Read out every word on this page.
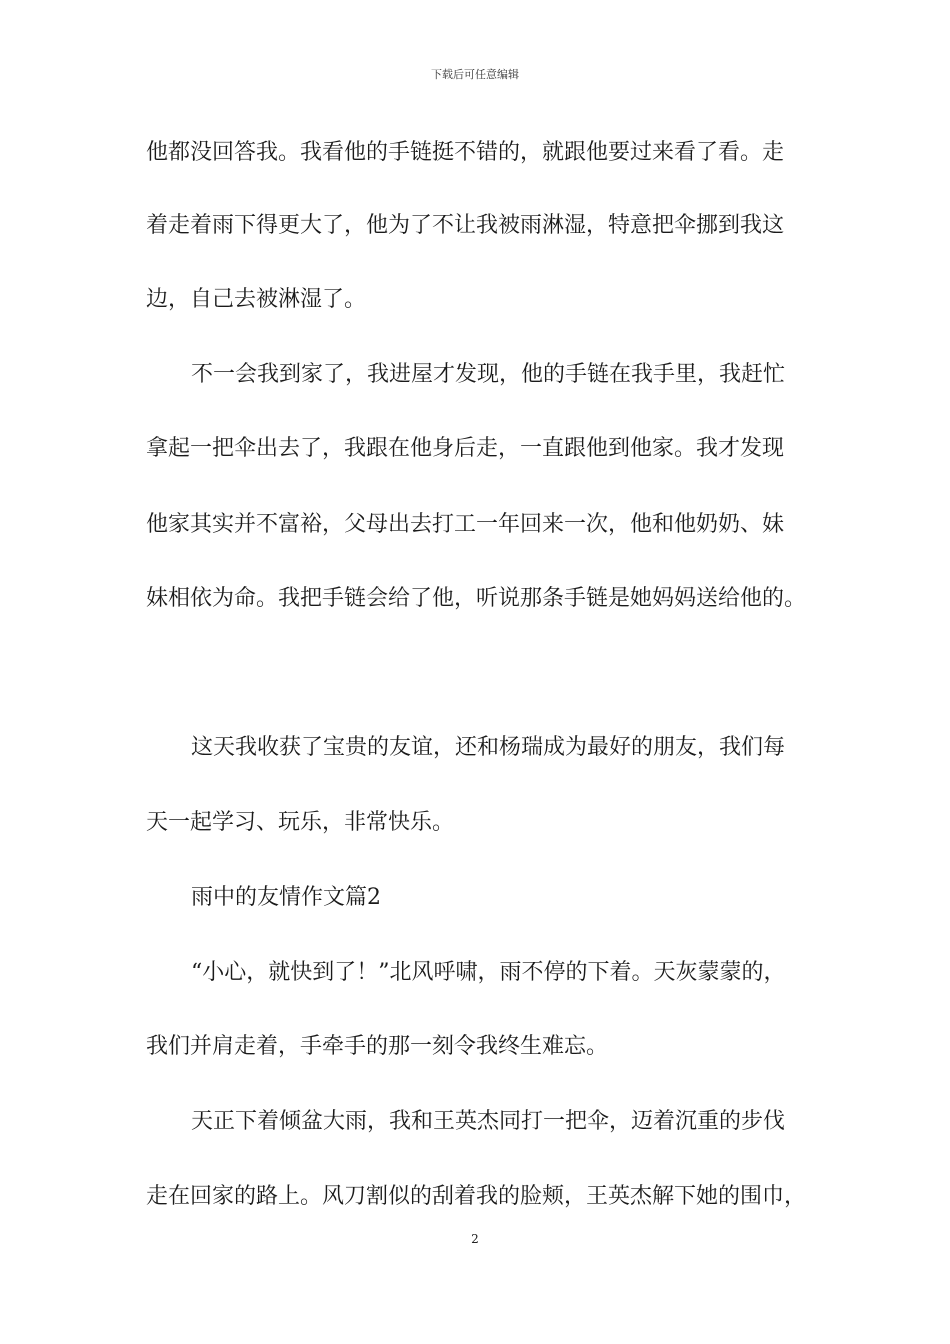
下载后可任意编辑
他都没回答我。我看他的手链挺不错的，就跟他要过来看了看。走
着走着雨下得更大了，他为了不让我被雨淋湿，特意把伞挪到我这
边，自己去被淋湿了。
不一会我到家了，我进屋才发现，他的手链在我手里，我赶忙
拿起一把伞出去了，我跟在他身后走，一直跟他到他家。我才发现
他家其实并不富裕，父母出去打工一年回来一次，他和他奶奶、妹
妹相依为命。我把手链会给了他，听说那条手链是她妈妈送给他的。
这天我收获了宝贵的友谊，还和杨瑞成为最好的朋友，我们每
天一起学习、玩乐，非常快乐。
雨中的友情作文篇2
“小心，就快到了！”北风呼啸，雨不停的下着。天灰蒙蒙的，
我们并肩走着，手牵手的那一刻令我终生难忘。
天正下着倾盆大雨，我和王英杰同打一把伞，迈着沉重的步伐
走在回家的路上。风刀割似的刮着我的脸颊，王英杰解下她的围巾，
2
